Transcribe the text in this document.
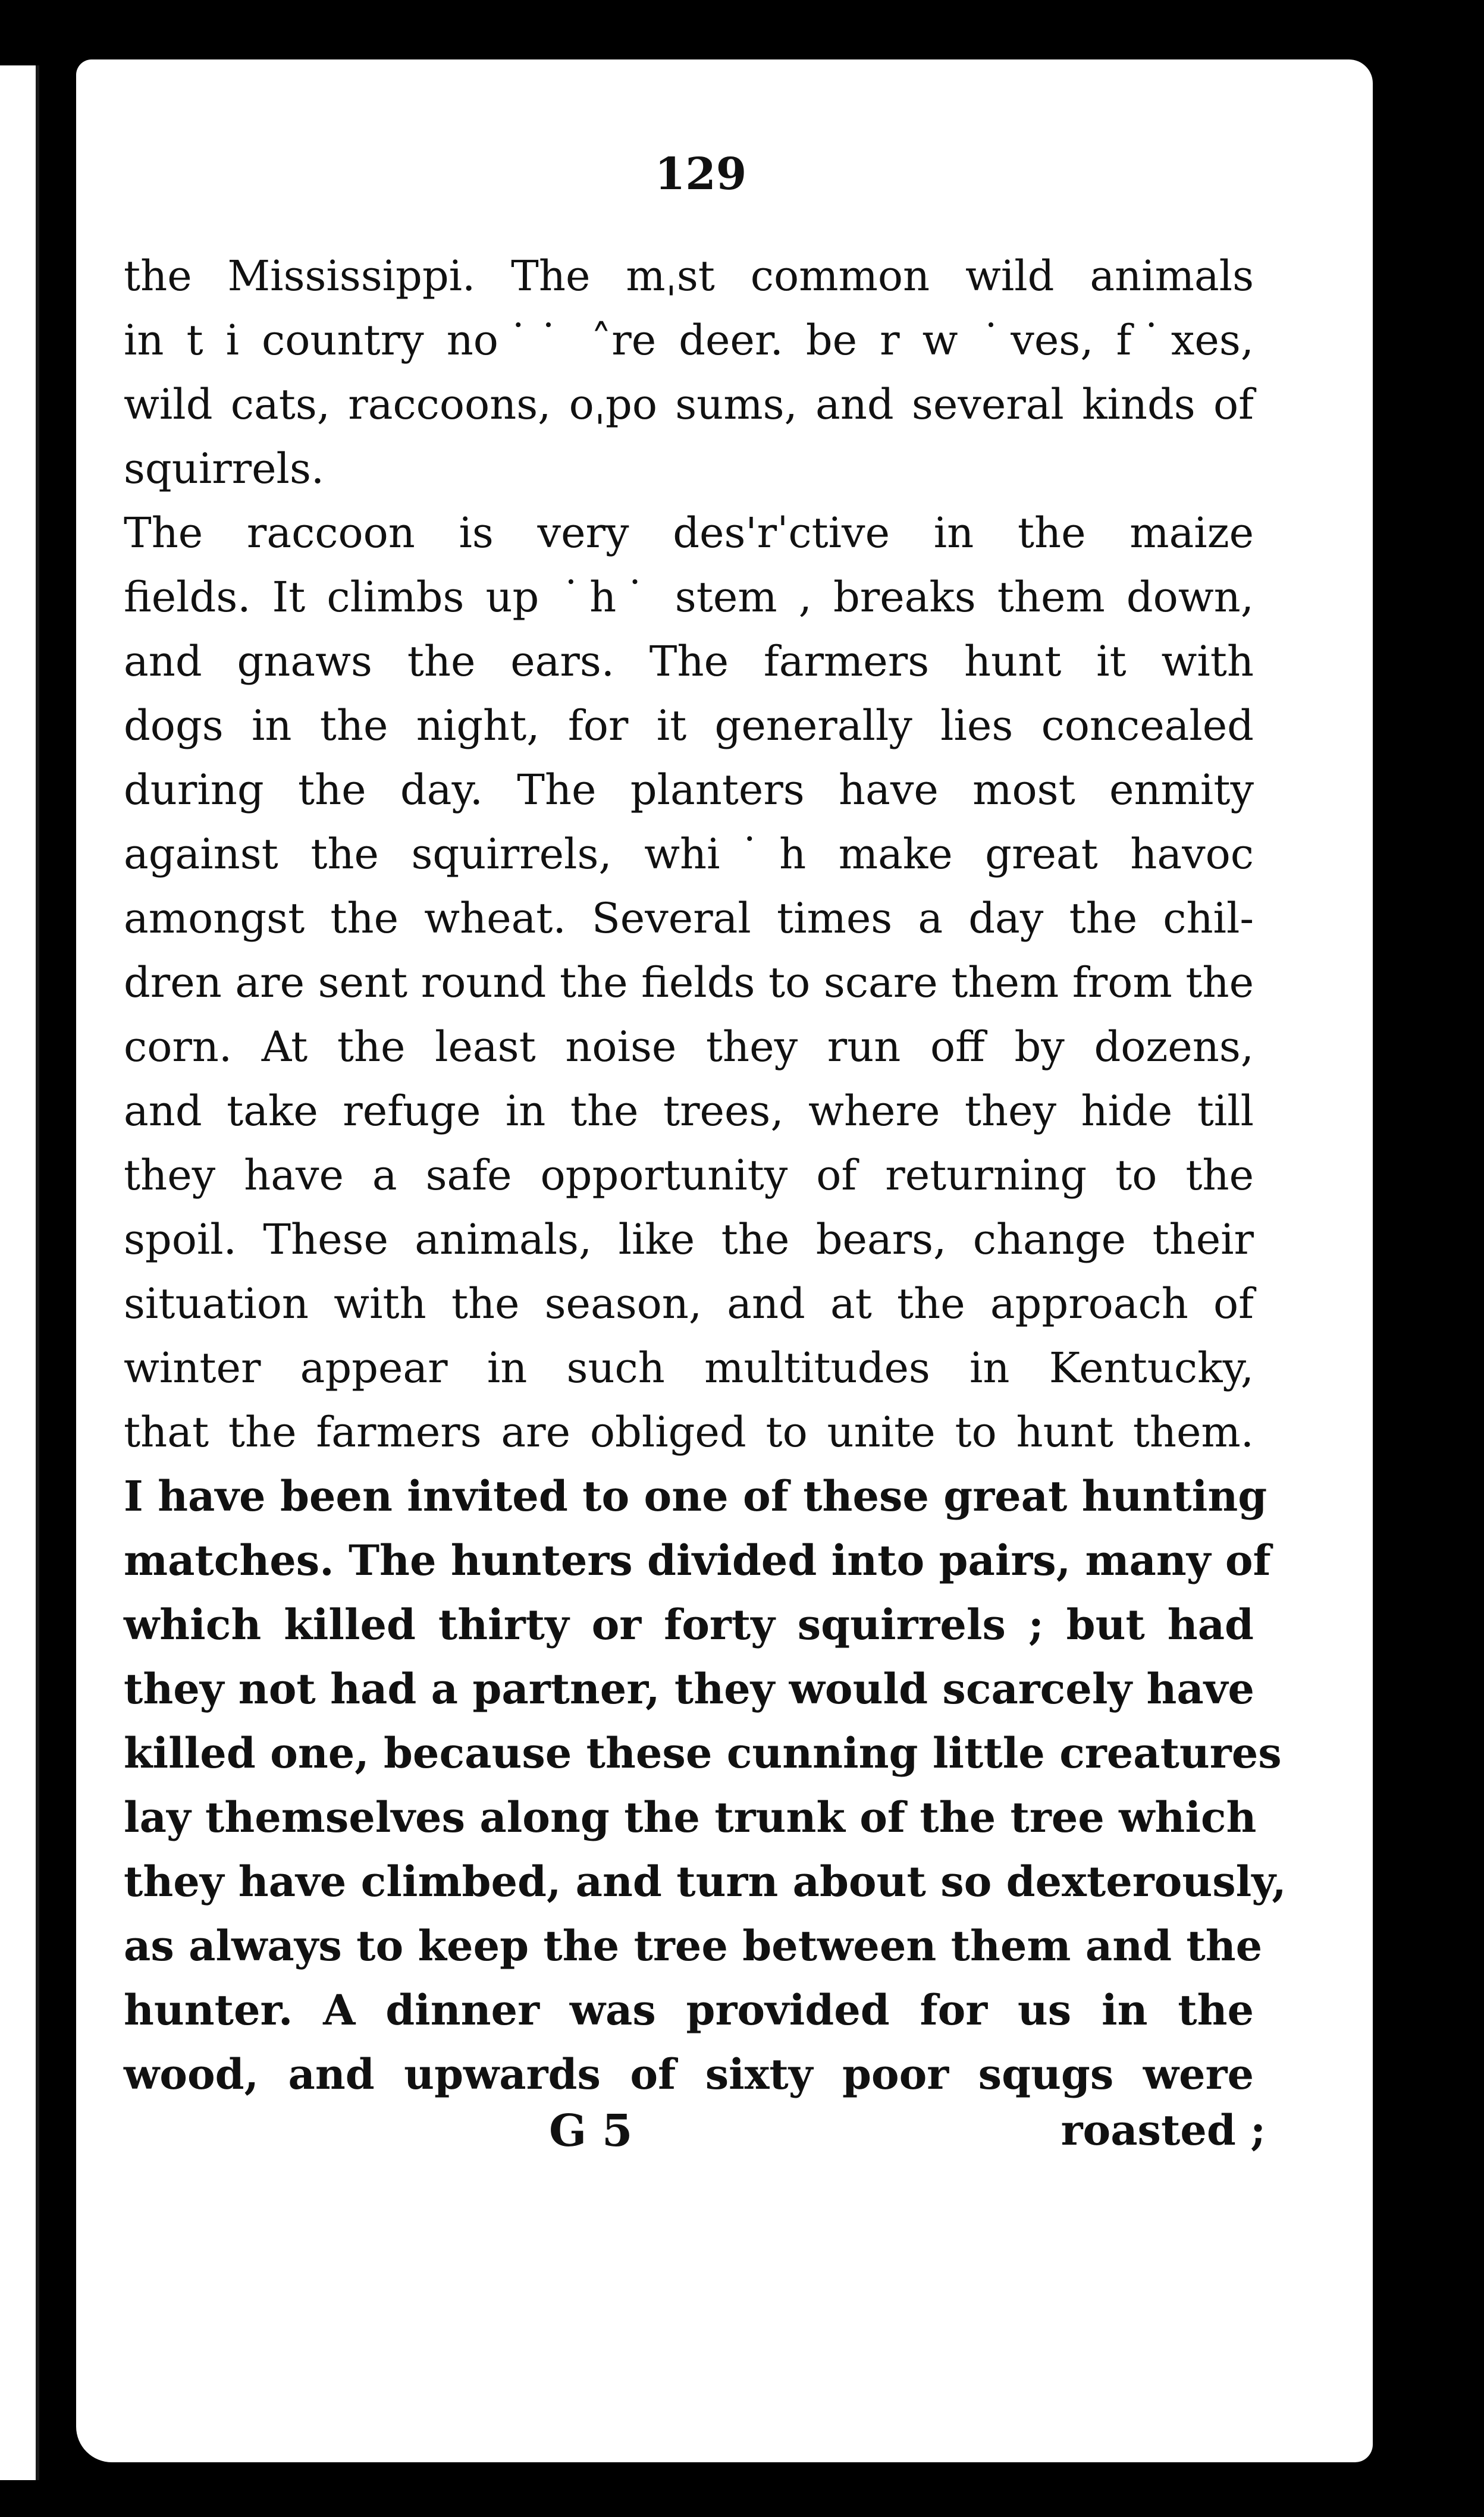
129
the Mississippi. The mˌst common wild animals
in t i country no˙˙ ˄re deer. be r w ˙ves, f˙xes,
wild cats, raccoons, oˌpo sums, and several kinds of
squirrels.
The raccoon is very des'rˈctive in the maize
fields. It climbs up ˙h˙ stem , breaks them down,
and gnaws the ears. The farmers hunt it with
dogs in the night, for it generally lies concealed
during the day. The planters have most enmity
against the squirrels, whi˙h make great havoc
amongst the wheat. Several times a day the chil-
dren are sent round the fields to scare them from the
corn. At the least noise they run off by dozens,
and take refuge in the trees, where they hide till
they have a safe opportunity of returning to the
spoil. These animals, like the bears, change their
situation with the season, and at the approach of
winter appear in such multitudes in Kentucky,
that the farmers are obliged to unite to hunt them.
I have been invited to one of these great hunting
matches. The hunters divided into pairs, many of
which killed thirty or forty squirrels ; but had
they not had a partner, they would scarcely have
killed one, because these cunning little creatures
lay themselves along the trunk of the tree which
they have climbed, and turn about so dexterously,
as always to keep the tree between them and the
hunter. A dinner was provided for us in the
wood, and upwards of sixty poor squgs were
G 5	roasted ;
